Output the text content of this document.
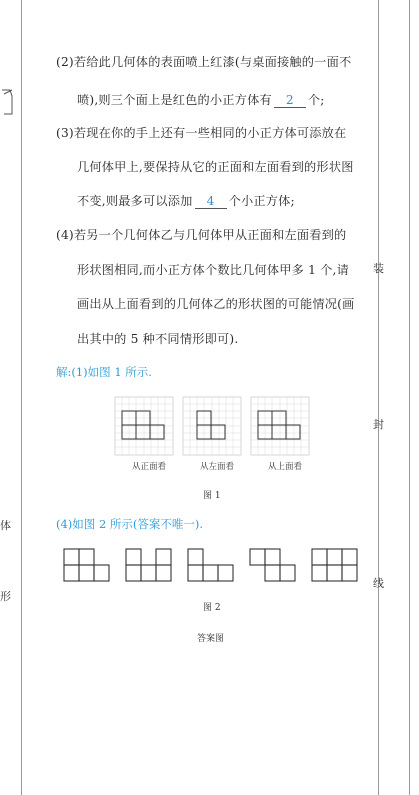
体
形
装
封
线
(2)若给此几何体的表面喷上红漆(与桌面接触的一面不
喷),则三个面上是红色的小正方体有 2 个;
(3)若现在你的手上还有一些相同的小正方体可添放在
几何体甲上,要保持从它的正面和左面看到的形状图
不变,则最多可以添加 4 个小正方体;
(4)若另一个几何体乙与几何体甲从正面和左面看到的
形状图相同,而小正方体个数比几何体甲多 1 个,请
画出从上面看到的几何体乙的形状图的可能情况(画
出其中的 5 种不同情形即可).
解:(1)如图 1 所示.
从正面看	从左面看	从上面看
图 1
(4)如图 2 所示(答案不唯一).
图 2
答案图
